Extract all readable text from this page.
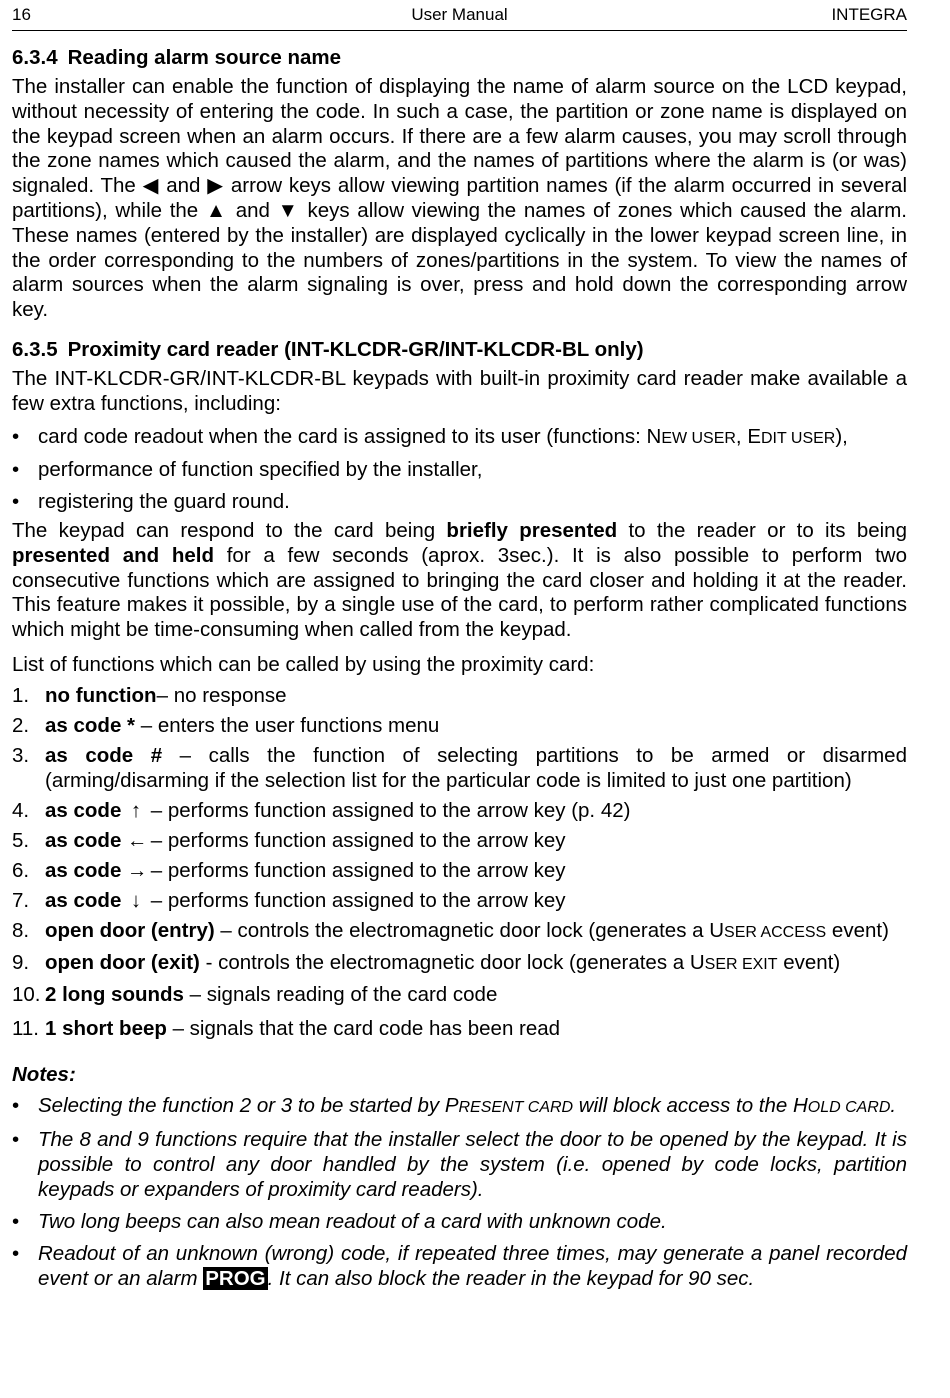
16	User Manual	INTEGRA
6.3.4 Reading alarm source name

The installer can enable the function of displaying the name of alarm source on the LCD keypad, without necessity of entering the code. In such a case, the partition or zone name is displayed on the keypad screen when an alarm occurs. If there are a few alarm causes, you may scroll through the zone names which caused the alarm, and the names of partitions where the alarm is (or was) signaled. The ◀ and ▶ arrow keys allow viewing partition names (if the alarm occurred in several partitions), while the ▲ and ▼ keys allow viewing the names of zones which caused the alarm. These names (entered by the installer) are displayed cyclically in the lower keypad screen line, in the order corresponding to the numbers of zones/partitions in the system. To view the names of alarm sources when the alarm signaling is over, press and hold down the corresponding arrow key.

6.3.5 Proximity card reader (INT-KLCDR-GR/INT-KLCDR-BL only)

The INT-KLCDR-GR/INT-KLCDR-BL keypads with built-in proximity card reader make available a few extra functions, including:

• card code readout when the card is assigned to its user (functions: NEW USER, EDIT USER),
• performance of function specified by the installer,
• registering the guard round.

The keypad can respond to the card being briefly presented to the reader or to its being presented and held for a few seconds (aprox. 3sec.). It is also possible to perform two consecutive functions which are assigned to bringing the card closer and holding it at the reader. This feature makes it possible, by a single use of the card, to perform rather complicated functions which might be time-consuming when called from the keypad.

List of functions which can be called by using the proximity card:

1. no function– no response
2. as code * – enters the user functions menu
3. as code # – calls the function of selecting partitions to be armed or disarmed (arming/disarming if the selection list for the particular code is limited to just one partition)
4. as code ↑ – performs function assigned to the arrow key (p. 42)
5. as code ← – performs function assigned to the arrow key
6. as code → – performs function assigned to the arrow key
7. as code ↓ – performs function assigned to the arrow key
8. open door (entry) – controls the electromagnetic door lock (generates a USER ACCESS event)
9. open door (exit) - controls the electromagnetic door lock (generates a USER EXIT event)
10. 2 long sounds – signals reading of the card code
11. 1 short beep – signals that the card code has been read
Notes:
• Selecting the function 2 or 3 to be started by PRESENT CARD will block access to the HOLD CARD.
• The 8 and 9 functions require that the installer select the door to be opened by the keypad. It is possible to control any door handled by the system (i.e. opened by code locks, partition keypads or expanders of proximity card readers).
• Two long beeps can also mean readout of a card with unknown code.
• Readout of an unknown (wrong) code, if repeated three times, may generate a panel recorded event or an alarm PROG. It can also block the reader in the keypad for 90 sec.
